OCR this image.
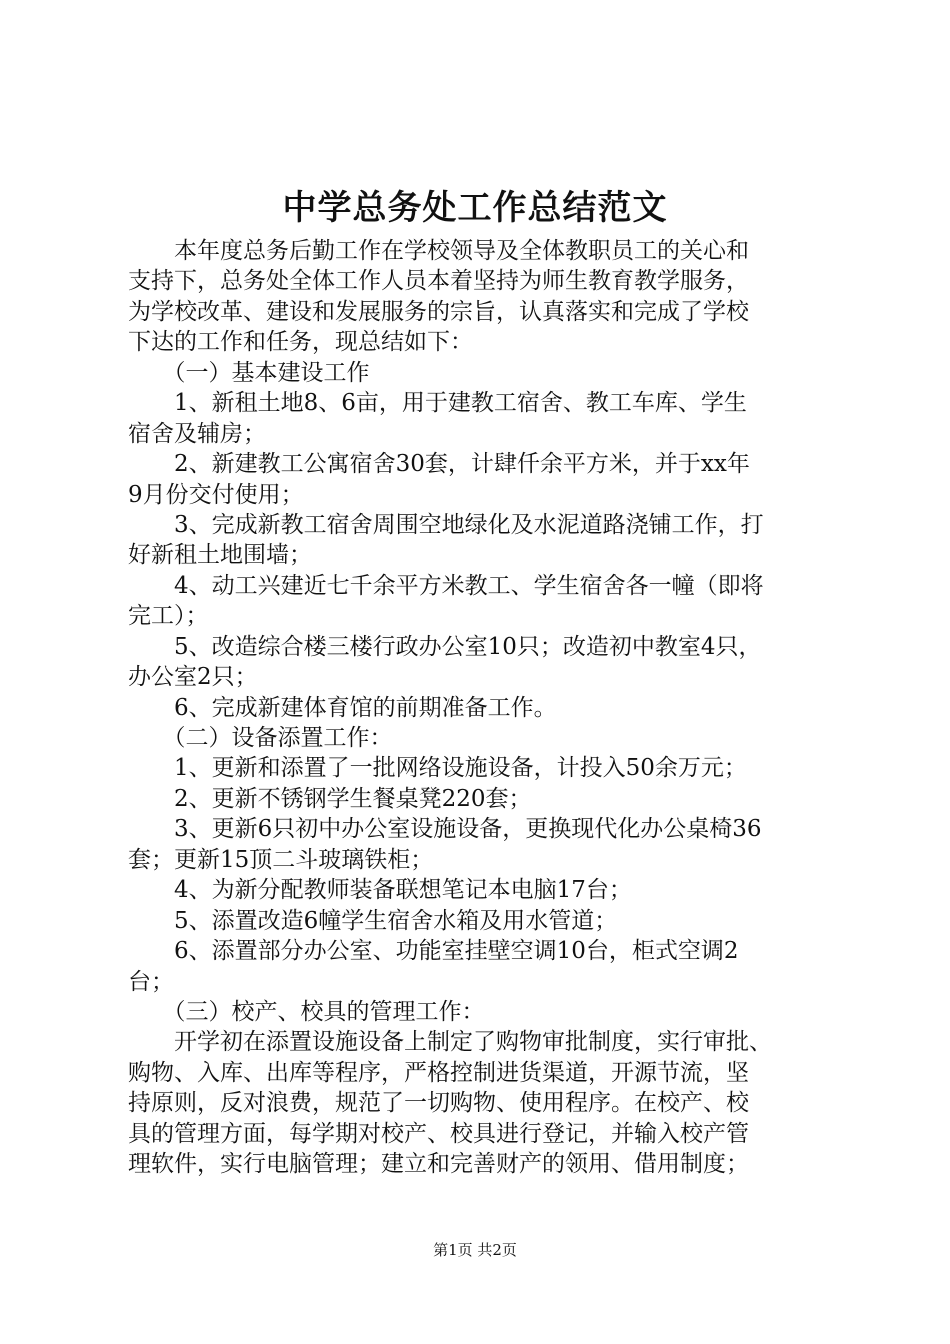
中学总务处工作总结范文
　　本年度总务后勤工作在学校领导及全体教职员工的关心和
支持下，总务处全体工作人员本着坚持为师生教育教学服务，
为学校改革、建设和发展服务的宗旨，认真落实和完成了学校
下达的工作和任务，现总结如下：
　　（一）基本建设工作
　　1、新租土地8、6亩，用于建教工宿舍、教工车库、学生
宿舍及辅房；
　　2、新建教工公寓宿舍30套，计肆仟余平方米，并于xx年
9月份交付使用；
　　3、完成新教工宿舍周围空地绿化及水泥道路浇铺工作，打
好新租土地围墙；
　　4、动工兴建近七千余平方米教工、学生宿舍各一幢（即将
完工）；
　　5、改造综合楼三楼行政办公室10只；改造初中教室4只，
办公室2只；
　　6、完成新建体育馆的前期准备工作。
　　（二）设备添置工作：
　　1、更新和添置了一批网络设施设备，计投入50余万元；
　　2、更新不锈钢学生餐桌凳220套；
　　3、更新6只初中办公室设施设备，更换现代化办公桌椅36
套；更新15顶二斗玻璃铁柜；
　　4、为新分配教师装备联想笔记本电脑17台；
　　5、添置改造6幢学生宿舍水箱及用水管道；
　　6、添置部分办公室、功能室挂壁空调10台，柜式空调2
台；
　　（三）校产、校具的管理工作：
　　开学初在添置设施设备上制定了购物审批制度，实行审批、
购物、入库、出库等程序，严格控制进货渠道，开源节流，坚
持原则，反对浪费，规范了一切购物、使用程序。在校产、校
具的管理方面，每学期对校产、校具进行登记，并输入校产管
理软件，实行电脑管理；建立和完善财产的领用、借用制度；
第1页 共2页
